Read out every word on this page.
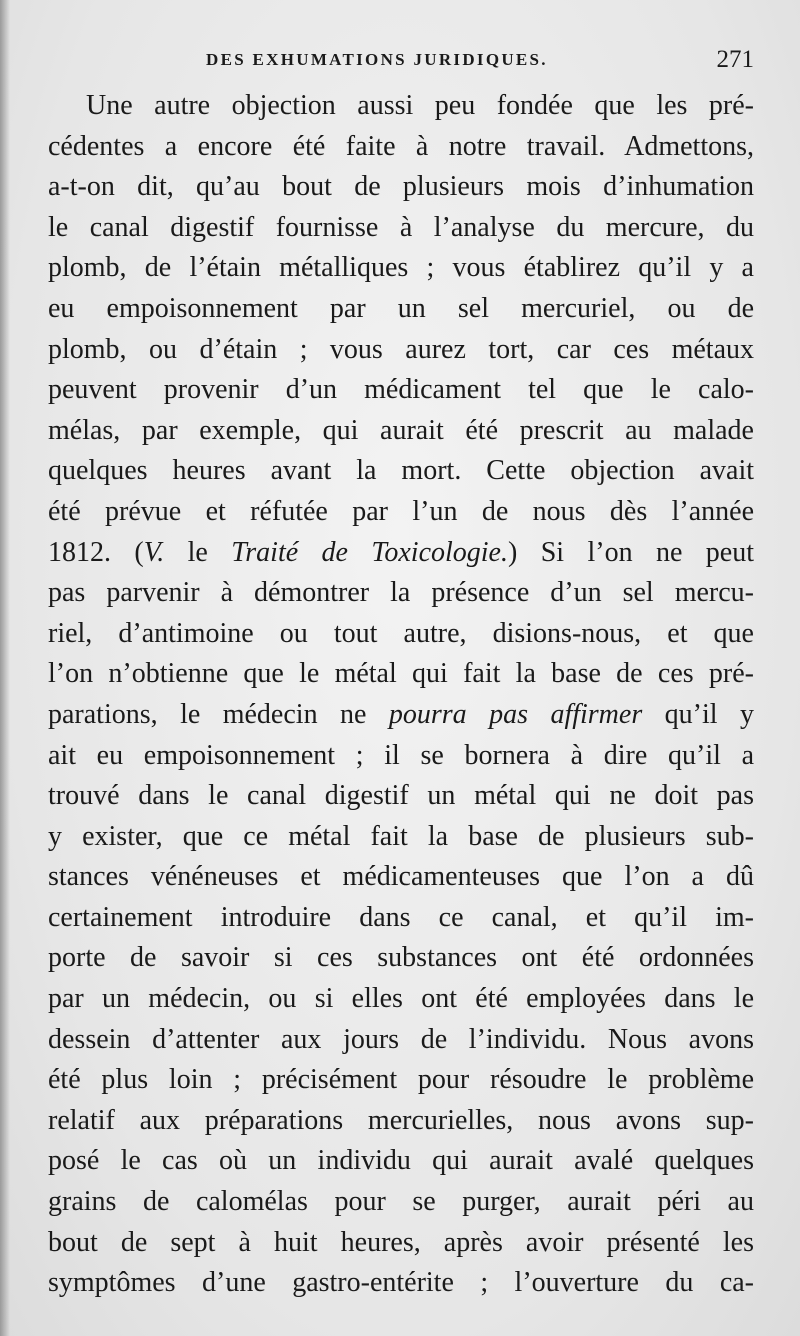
DES EXHUMATIONS JURIDIQUES.	271
Une autre objection aussi peu fondée que les pré-
cédentes a encore été faite à notre travail. Admettons,
a-t-on dit, qu’au bout de plusieurs mois d’inhumation
le canal digestif fournisse à l’analyse du mercure, du
plomb, de l’étain métalliques ; vous établirez qu’il y a
eu empoisonnement par un sel mercuriel, ou de
plomb, ou d’étain ; vous aurez tort, car ces métaux
peuvent provenir d’un médicament tel que le calo-
mélas, par exemple, qui aurait été prescrit au malade
quelques heures avant la mort. Cette objection avait
été prévue et réfutée par l’un de nous dès l’année
1812. (V. le Traité de Toxicologie.) Si l’on ne peut
pas parvenir à démontrer la présence d’un sel mercu-
riel, d’antimoine ou tout autre, disions-nous, et que
l’on n’obtienne que le métal qui fait la base de ces pré-
parations, le médecin ne pourra pas affirmer qu’il y
ait eu empoisonnement ; il se bornera à dire qu’il a
trouvé dans le canal digestif un métal qui ne doit pas
y exister, que ce métal fait la base de plusieurs sub-
stances vénéneuses et médicamenteuses que l’on a dû
certainement introduire dans ce canal, et qu’il im-
porte de savoir si ces substances ont été ordonnées
par un médecin, ou si elles ont été employées dans le
dessein d’attenter aux jours de l’individu. Nous avons
été plus loin ; précisément pour résoudre le problème
relatif aux préparations mercurielles, nous avons sup-
posé le cas où un individu qui aurait avalé quelques
grains de calomélas pour se purger, aurait péri au
bout de sept à huit heures, après avoir présenté les
symptômes d’une gastro-entérite ; l’ouverture du ca-
